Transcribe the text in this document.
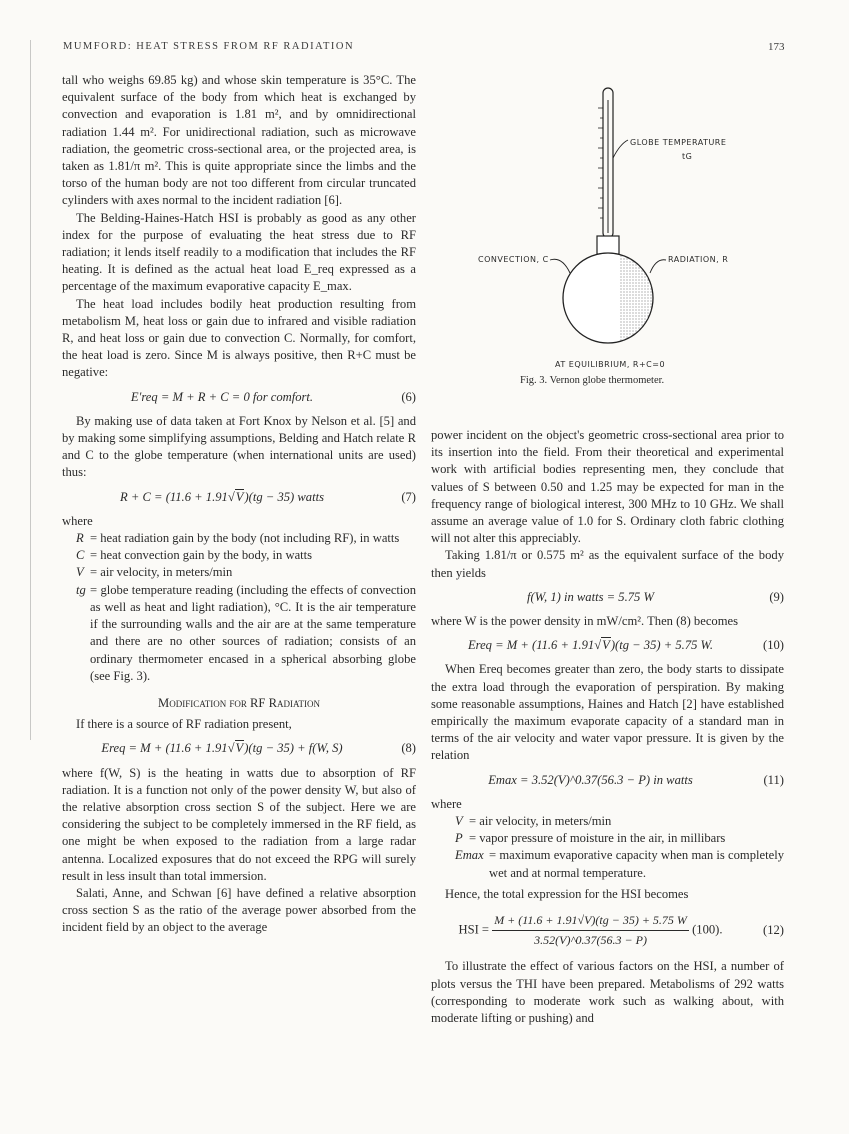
MUMFORD: HEAT STRESS FROM RF RADIATION	173

tall who weighs 69.85 kg) and whose skin temperature is 35°C. The equivalent surface of the body from which heat is exchanged by convection and evaporation is 1.81 m², and by omnidirectional radiation 1.44 m². For unidirectional radiation, such as microwave radiation, the geometric cross-sectional area, or the projected area, is taken as 1.81/π m². This is quite appropriate since the limbs and the torso of the human body are not too different from circular truncated cylinders with axes normal to the incident radiation [6].

The Belding-Haines-Hatch HSI is probably as good as any other index for the purpose of evaluating the heat stress due to RF radiation; it lends itself readily to a modification that includes the RF heating. It is defined as the actual heat load E_req expressed as a percentage of the maximum evaporative capacity E_max.

The heat load includes bodily heat production resulting from metabolism M, heat loss or gain due to infrared and visible radiation R, and heat loss or gain due to convection C. Normally, for comfort, the heat load is zero. Since M is always positive, then R+C must be negative:

E′req = M + R + C = 0 for comfort.	(6)

By making use of data taken at Fort Knox by Nelson et al. [5] and by making some simplifying assumptions, Belding and Hatch relate R and C to the globe temperature (when international units are used) thus:

R + C = (11.6 + 1.91√V)(tg − 35) watts	(7)

where

R = heat radiation gain by the body (not including RF), in watts
C = heat convection gain by the body, in watts
V = air velocity, in meters/min
tg = globe temperature reading (including the effects of convection as well as heat and light radiation), °C. It is the air temperature if the surrounding walls and the air are at the same temperature and there are no other sources of radiation; consists of an ordinary thermometer encased in a spherical absorbing globe (see Fig. 3).
Modification for RF Radiation

If there is a source of RF radiation present,

Ereq = M + (11.6 + 1.91√V)(tg − 35) + f(W, S)	(8)

where f(W, S) is the heating in watts due to absorption of RF radiation. It is a function not only of the power density W, but also of the relative absorption cross section S of the subject. Here we are considering the subject to be completely immersed in the RF field, as one might be when exposed to the radiation from a large radar antenna. Localized exposures that do not exceed the RPG will surely result in less insult than total immersion.

Salati, Anne, and Schwan [6] have defined a relative absorption cross section S as the ratio of the average power absorbed from the incident field by an object to the average

GLOBE TEMPERATURE
tG
CONVECTION, C	RADIATION, R
AT EQUILIBRIUM, R+C=0
Fig. 3. Vernon globe thermometer.

power incident on the object's geometric cross-sectional area prior to its insertion into the field. From their theoretical and experimental work with artificial bodies representing men, they conclude that values of S between 0.50 and 1.25 may be expected for man in the frequency range of biological interest, 300 MHz to 10 GHz. We shall assume an average value of 1.0 for S. Ordinary cloth fabric clothing will not alter this appreciably.

Taking 1.81/π or 0.575 m² as the equivalent surface of the body then yields

f(W, 1) in watts = 5.75 W	(9)

where W is the power density in mW/cm². Then (8) becomes

Ereq = M + (11.6 + 1.91√V)(tg − 35) + 5.75 W.	(10)

When Ereq becomes greater than zero, the body starts to dissipate the extra load through the evaporation of perspiration. By making some reasonable assumptions, Haines and Hatch [2] have established empirically the maximum evaporate capacity of a standard man in terms of the air velocity and water vapor pressure. It is given by the relation

Emax = 3.52(V)^0.37(56.3 − P) in watts	(11)

where

V = air velocity, in meters/min
P = vapor pressure of moisture in the air, in millibars
Emax = maximum evaporative capacity when man is completely wet and at normal temperature.

Hence, the total expression for the HSI becomes

HSI = $\frac{M + (11.6 + 1.91√V)(tg - 35) + 5.75 W}{3.52(V)\^{}0.37(56.3 - P)} (100)$.	(12)

To illustrate the effect of various factors on the HSI, a number of plots versus the THI have been prepared. Metabolisms of 292 watts (corresponding to moderate work such as walking about, with moderate lifting or pushing) and
